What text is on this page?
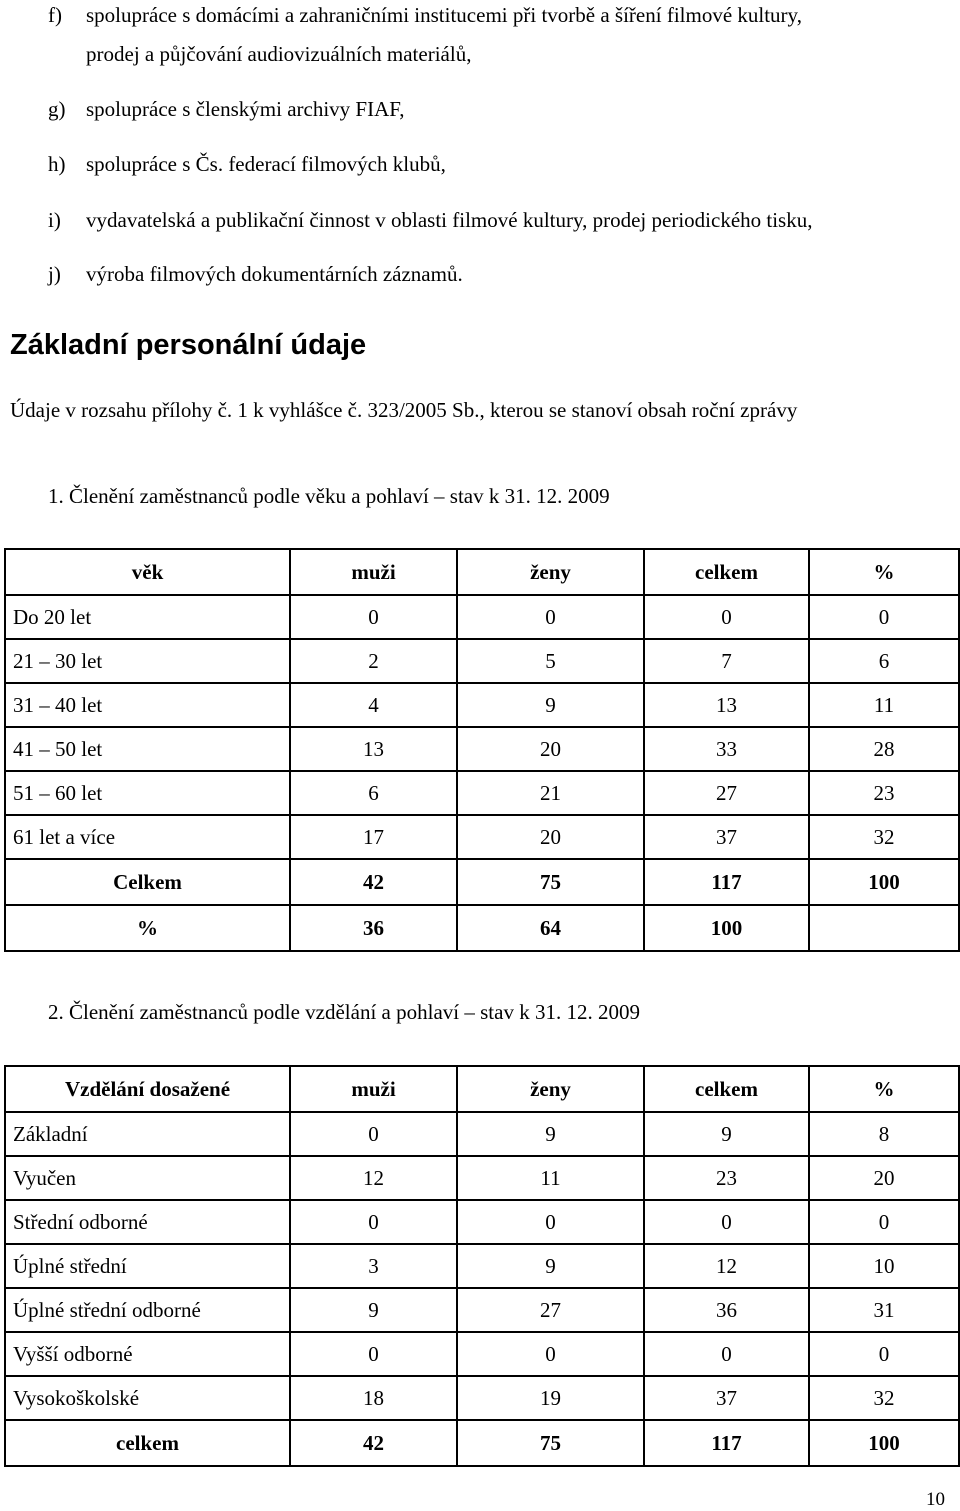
f) spolupráce s domácími a zahraničními institucemi při tvorbě a šíření filmové kultury,
prodej a půjčování audiovizuálních materiálů,
g) spolupráce s členskými archivy FIAF,
h) spolupráce s Čs. federací filmových klubů,
i) vydavatelská a publikační činnost v oblasti filmové kultury, prodej periodického tisku,
j) výroba filmových dokumentárních záznamů.
Základní personální údaje
Údaje v rozsahu přílohy č. 1 k vyhlášce č. 323/2005 Sb., kterou se stanoví obsah roční zprávy
1. Členění zaměstnanců podle věku a pohlaví – stav k 31. 12. 2009
věk	muži	ženy	celkem	%
Do 20 let	0	0	0	0
21 – 30 let	2	5	7	6
31 – 40 let	4	9	13	11
41 – 50 let	13	20	33	28
51 – 60 let	6	21	27	23
61 let a více	17	20	37	32
Celkem	42	75	117	100
%	36	64	100	
2. Členění zaměstnanců podle vzdělání a pohlaví – stav k 31. 12. 2009
Vzdělání dosažené	muži	ženy	celkem	%
Základní	0	9	9	8
Vyučen	12	11	23	20
Střední odborné	0	0	0	0
Úplné střední	3	9	12	10
Úplné střední odborné	9	27	36	31
Vyšší odborné	0	0	0	0
Vysokoškolské	18	19	37	32
celkem	42	75	117	100
10
